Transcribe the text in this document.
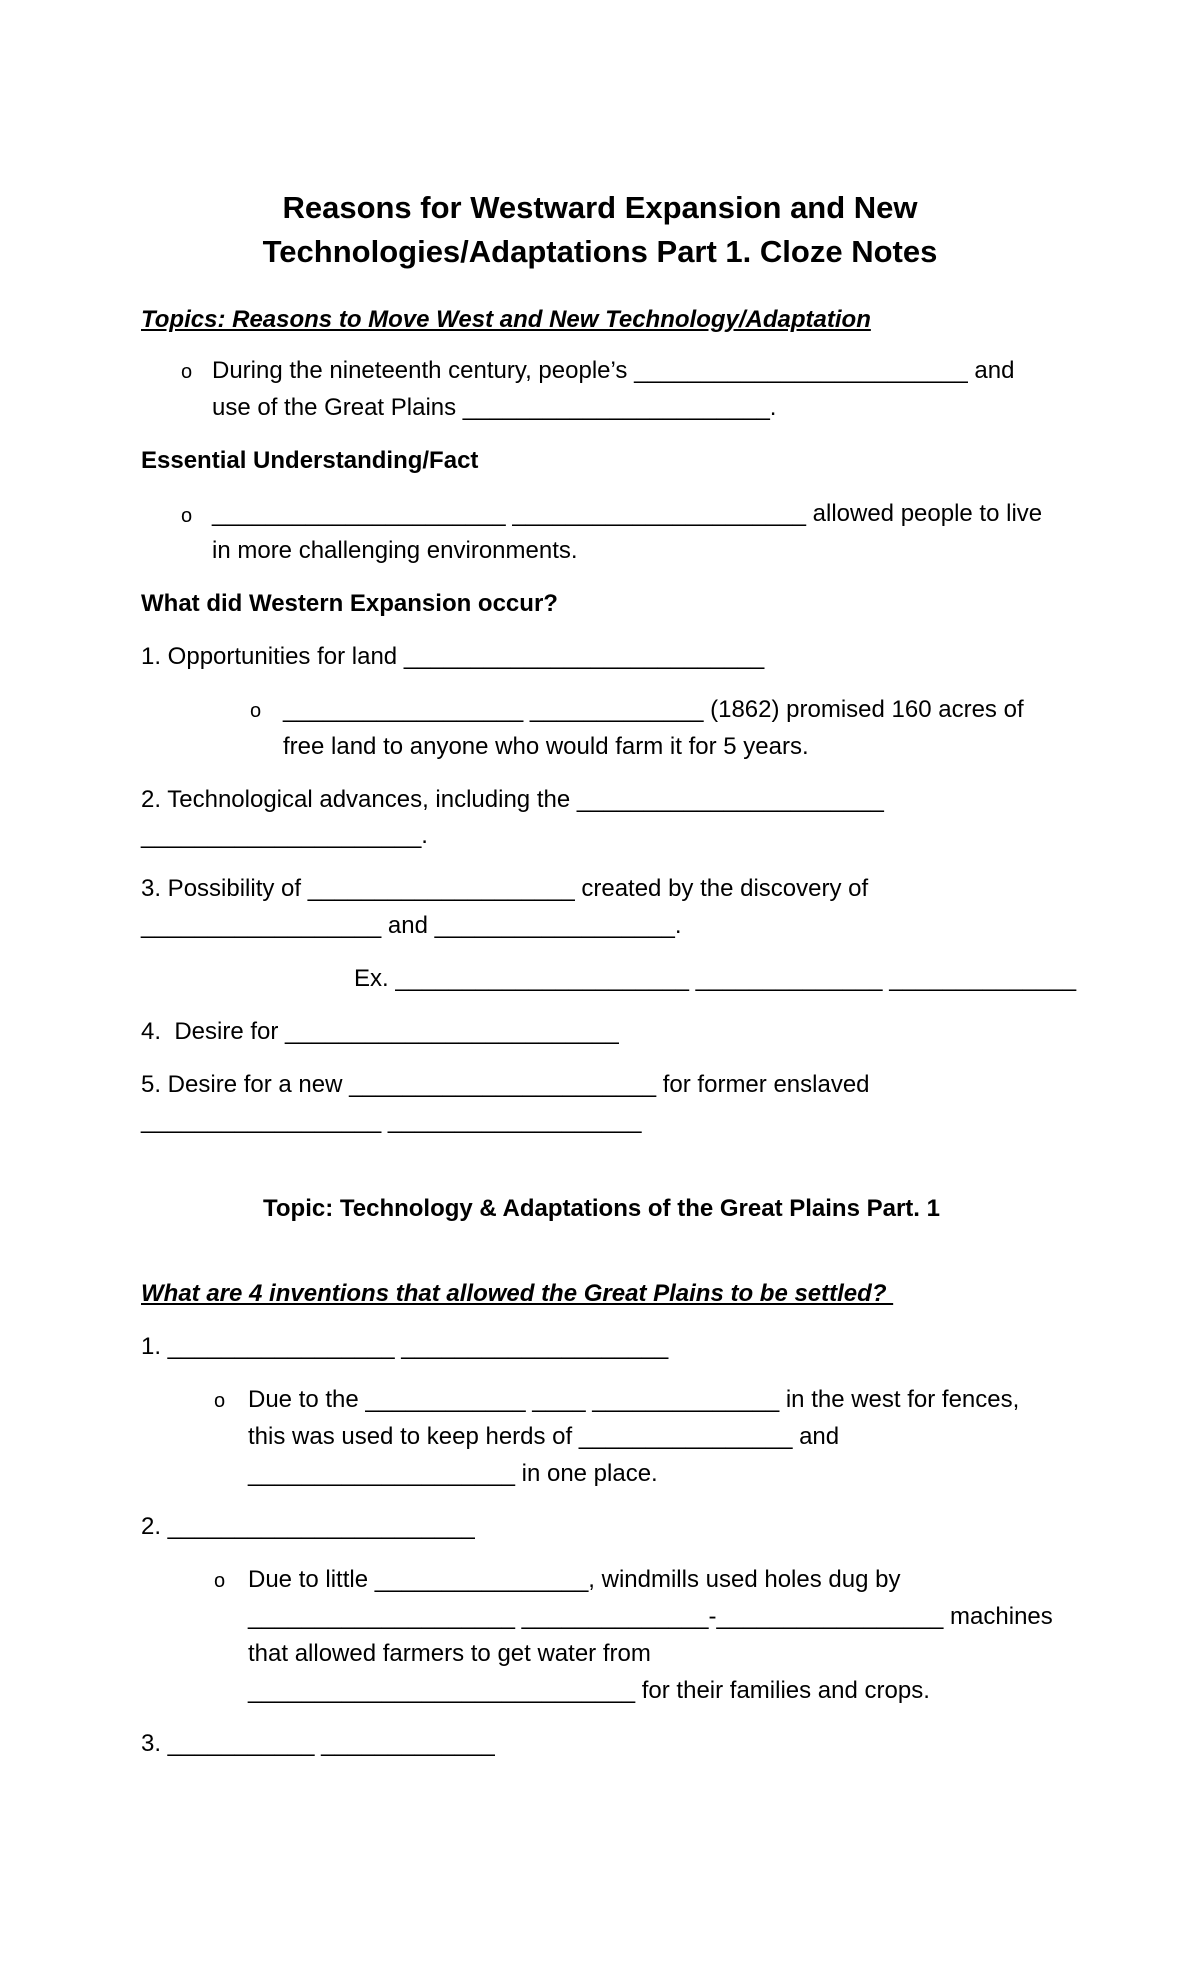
Reasons for Westward Expansion and New
Technologies/Adaptations Part 1. Cloze Notes
Topics: Reasons to Move West and New Technology/Adaptation
o During the nineteenth century, people’s _________________________ and
use of the Great Plains _______________________.
Essential Understanding/Fact
o ______________________ ______________________ allowed people to live
in more challenging environments.
What did Western Expansion occur?
1. Opportunities for land ___________________________
o __________________ _____________ (1862) promised 160 acres of
free land to anyone who would farm it for 5 years.
2. Technological advances, including the _______________________
_____________________.
3. Possibility of ____________________ created by the discovery of
__________________ and __________________.
Ex. ______________________ ______________ ______________
4.  Desire for _________________________
5. Desire for a new _______________________ for former enslaved
__________________ ___________________
Topic: Technology & Adaptations of the Great Plains Part. 1
What are 4 inventions that allowed the Great Plains to be settled?
1. _________________ ____________________
o Due to the ____________ ____ ______________ in the west for fences,
this was used to keep herds of ________________ and
____________________ in one place.
2. _______________________
o Due to little ________________, windmills used holes dug by
____________________ ______________-_________________ machines
that allowed farmers to get water from
_____________________________ for their families and crops.
3. ___________ _____________
